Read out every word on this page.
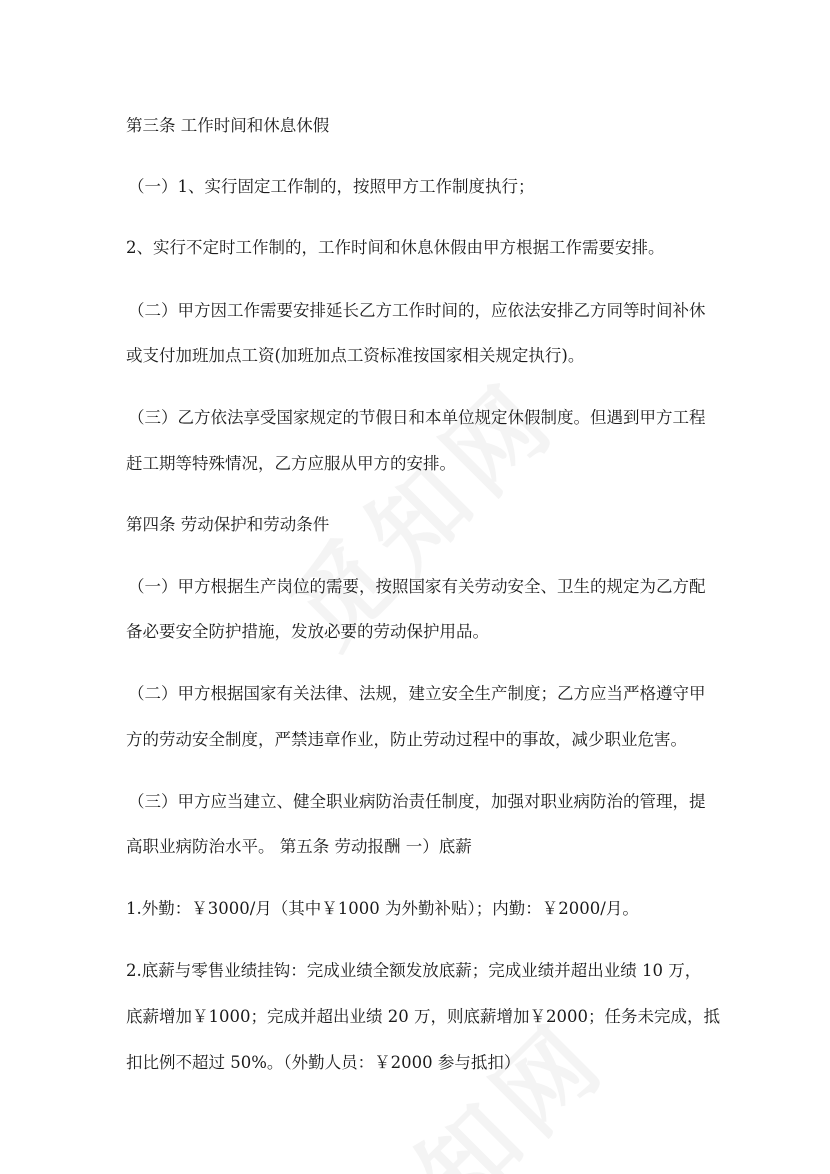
第三条 工作时间和休息休假
（一）1、实行固定工作制的，按照甲方工作制度执行；
2、实行不定时工作制的，工作时间和休息休假由甲方根据工作需要安排。
（二）甲方因工作需要安排延长乙方工作时间的，应依法安排乙方同等时间补休
或支付加班加点工资(加班加点工资标准按国家相关规定执行)。
（三）乙方依法享受国家规定的节假日和本单位规定休假制度。但遇到甲方工程
赶工期等特殊情况，乙方应服从甲方的安排。
第四条 劳动保护和劳动条件
（一）甲方根据生产岗位的需要，按照国家有关劳动安全、卫生的规定为乙方配
备必要安全防护措施，发放必要的劳动保护用品。
（二）甲方根据国家有关法律、法规，建立安全生产制度；乙方应当严格遵守甲
方的劳动安全制度，严禁违章作业，防止劳动过程中的事故，减少职业危害。
（三）甲方应当建立、健全职业病防治责任制度，加强对职业病防治的管理，提
高职业病防治水平。 第五条 劳动报酬 一）底薪
1.外勤：￥3000/月（其中￥1000 为外勤补贴）；内勤：￥2000/月。
2.底薪与零售业绩挂钩：完成业绩全额发放底薪；完成业绩并超出业绩 10 万，
底薪增加￥1000；完成并超出业绩 20 万，则底薪增加￥2000；任务未完成，抵
扣比例不超过 50%。（外勤人员：￥2000 参与抵扣）
